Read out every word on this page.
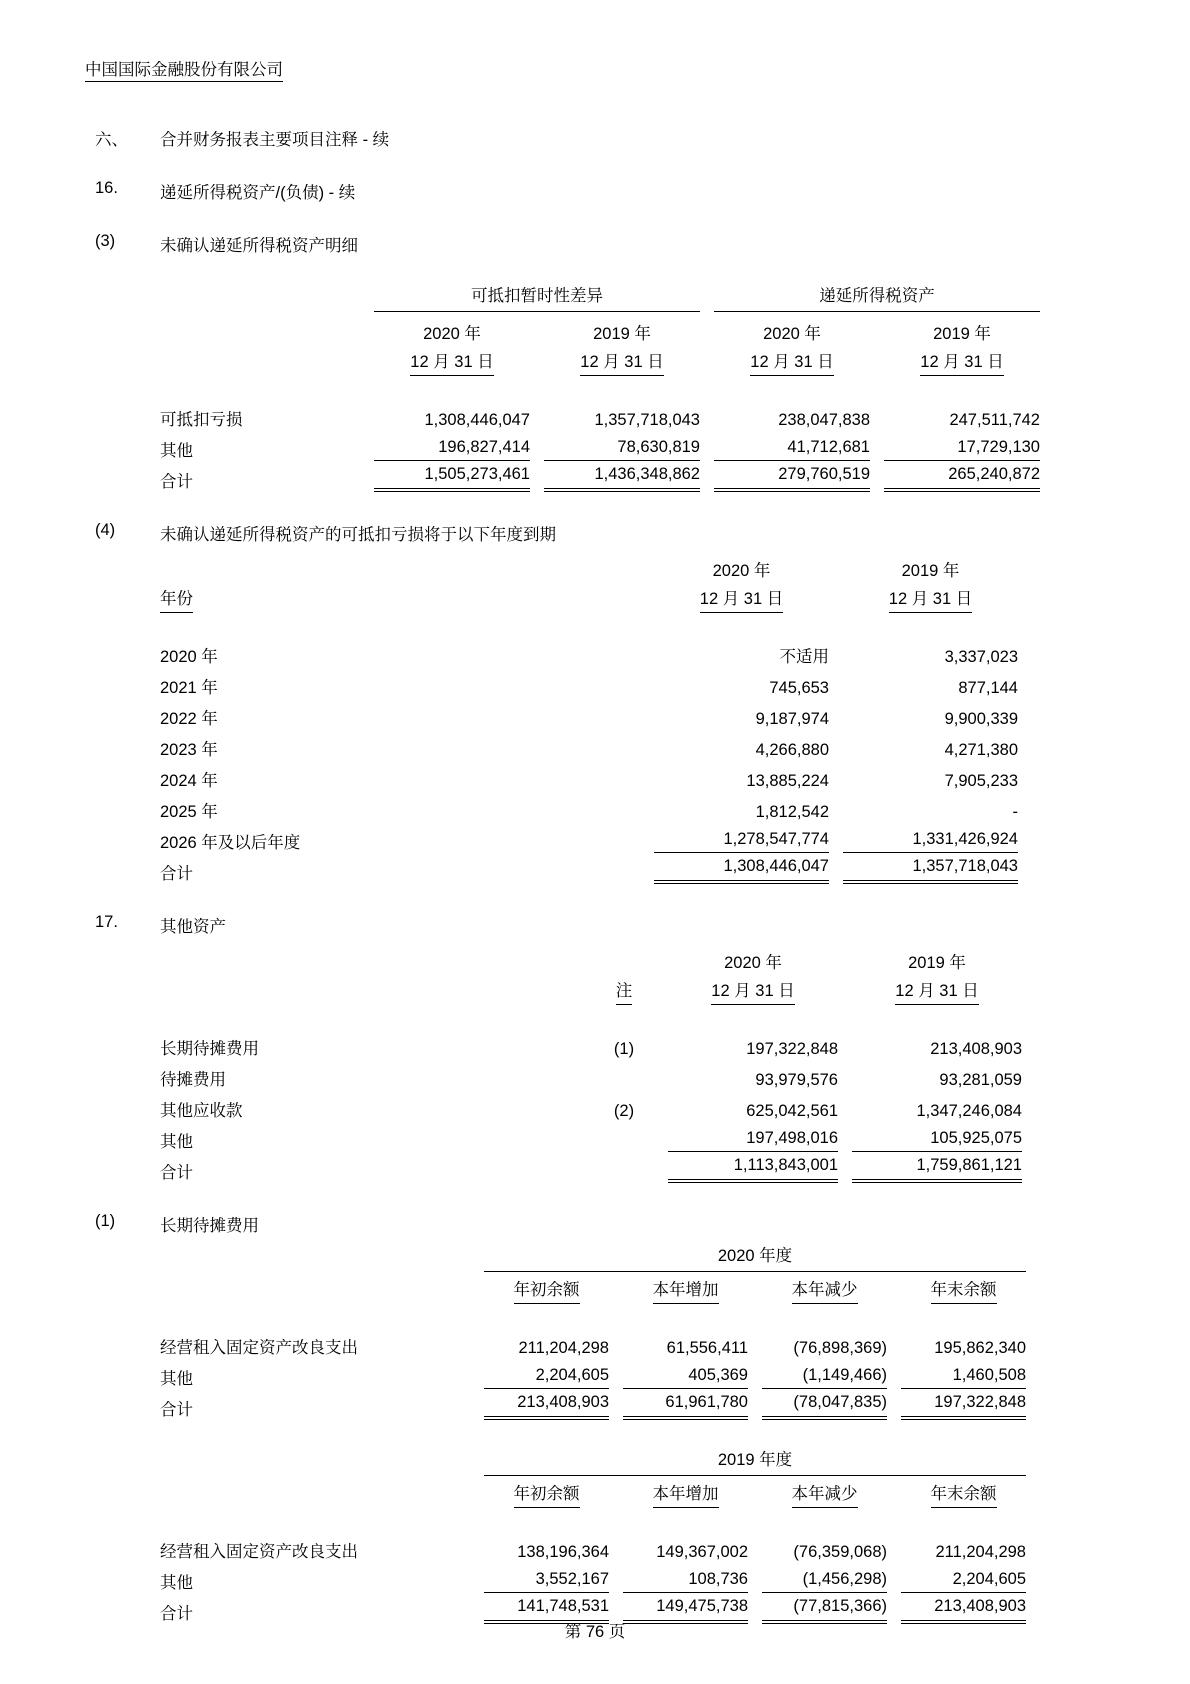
中国国际金融股份有限公司
六、	合并财务报表主要项目注释 - 续
16.	递延所得税资产/(负债) - 续
(3)	未确认递延所得税资产明细
	可抵扣暂时性差异		递延所得税资产	
	2020 年	2019 年	2020 年	2019 年
	12 月 31 日	12 月 31 日	12 月 31 日	12 月 31 日

可抵扣亏损	1,308,446,047	1,357,718,043	238,047,838	247,511,742
其他	196,827,414	78,630,819	41,712,681	17,729,130
合计	1,505,273,461	1,436,348,862	279,760,519	265,240,872
(4)	未确认递延所得税资产的可抵扣亏损将于以下年度到期
	2020 年	2019 年
年份	12 月 31 日	12 月 31 日

2020 年	不适用	3,337,023
2021 年	745,653	877,144
2022 年	9,187,974	9,900,339
2023 年	4,266,880	4,271,380
2024 年	13,885,224	7,905,233
2025 年	1,812,542	-
2026 年及以后年度	1,278,547,774	1,331,426,924
合计	1,308,446,047	1,357,718,043
17.	其他资产
		2020 年	2019 年
	注	12 月 31 日	12 月 31 日

长期待摊费用	(1)	197,322,848	213,408,903
待摊费用		93,979,576	93,281,059
其他应收款	(2)	625,042,561	1,347,246,084
其他		197,498,016	105,925,075
合计		1,113,843,001	1,759,861,121
(1)	长期待摊费用
	2020 年度			
	年初余额	本年增加	本年减少	年末余额

经营租入固定资产改良支出	211,204,298	61,556,411	(76,898,369)	195,862,340
其他	2,204,605	405,369	(1,149,466)	1,460,508
合计	213,408,903	61,961,780	(78,047,835)	197,322,848
	2019 年度			
	年初余额	本年增加	本年减少	年末余额

经营租入固定资产改良支出	138,196,364	149,367,002	(76,359,068)	211,204,298
其他	3,552,167	108,736	(1,456,298)	2,204,605
合计	141,748,531	149,475,738	(77,815,366)	213,408,903
第 76 页
